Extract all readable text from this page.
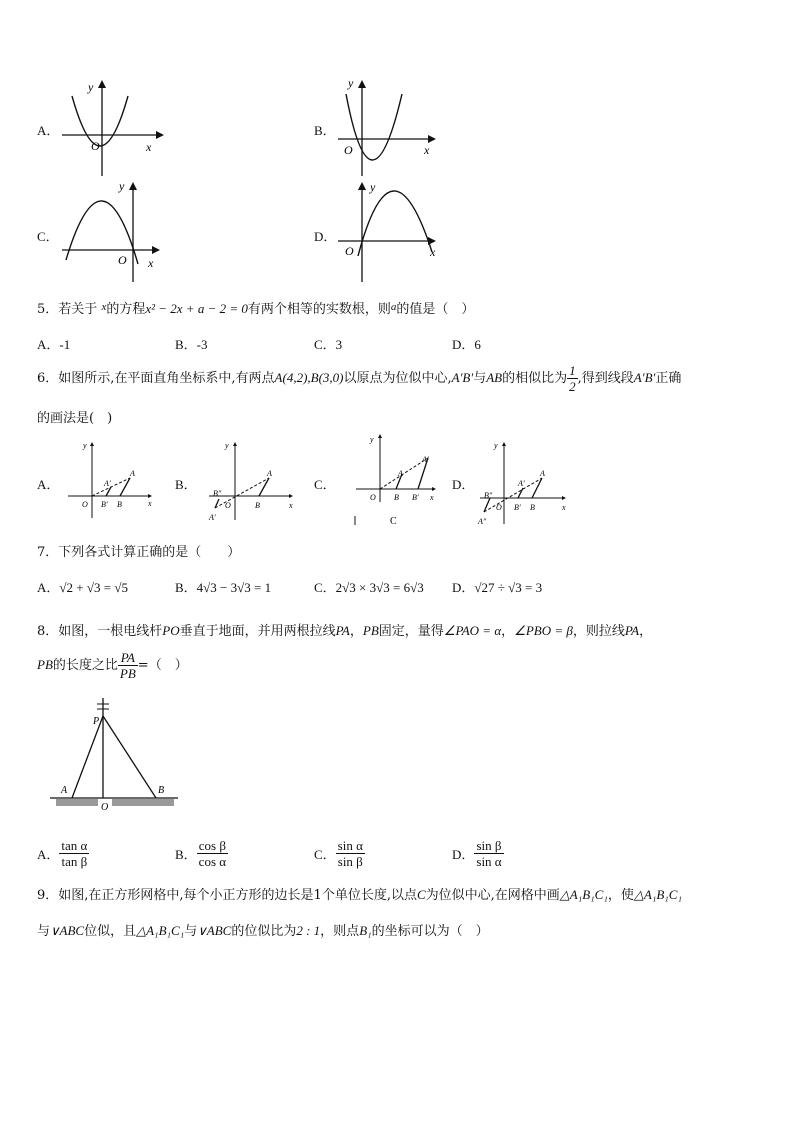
A．
y
x
O
B．
y
x
O
C．
y
x
O
D．
y
x
O
5．若关于 $^x$的方程x² − 2x + a − 2 = 0有两个相等的实数根，则$^a$的值是（　）
A．-1	B．-3	C．3	D．6
6．如图所示,在平面直角坐标系中,有两点A(4,2),B(3,0)以原点为位似中心,A′B′与AB的相似比为 $\frac{1}{2}$ ,得到线段A′B′正确
的画法是(　)
A．
y
A
A′
O B′ B	x
B．
y
A
B″
A′
O	B	x
C．
y
A′
A
O B B′ x
C
D．
y
A
A′
B″
A″
O B′ B	x
7．下列各式计算正确的是（　　）
A．√2 + √3 = √5	B．4√3 − 3√3 = 1	C．2√3 × 3√3 = 6√3 D．√27 ÷ √3 = 3
8．如图，一根电线杆PO垂直于地面，并用两根拉线PA，PB固定，量得∠PAO = α，∠PBO = β，则拉线PA，
PB的长度之比 $\frac{PA}{PB}$ =（　）
P
A
O
B
A． $\frac{\text{tan α}}{\text{tan β}}$	B． $\frac{\text{cos β}}{\text{cos α}}$	C． $\frac{\text{sin α}}{\text{sin β}}$	D． $\frac{\text{sin β}}{\text{sin α}}$
9．如图,在正方形网格中,每个小正方形的边长是1个单位长度,以点C为位似中心,在网格中画△A₁B₁C₁，使△A₁B₁C₁
与∨ABC位似，且△A₁B₁C₁与∨ABC的位似比为2 : 1，则点B₁的坐标可以为（　）
